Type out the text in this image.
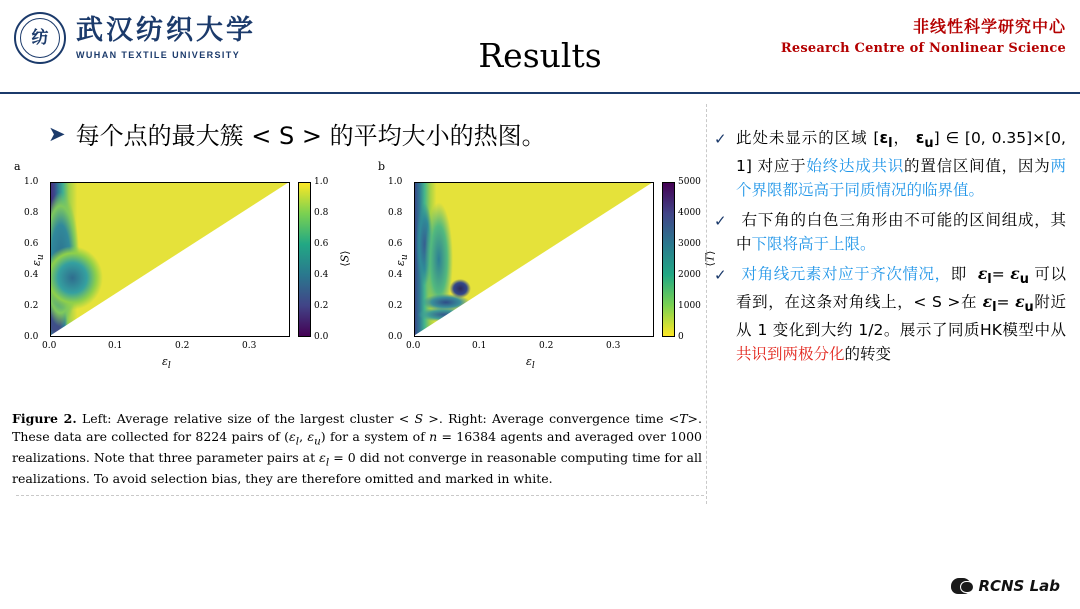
纺 武汉纺织大学
WUHAN TEXTILE UNIVERSITY	Results
非线性科学研究中心
Research Centre of Nonlinear Science
➤ 每个点的最大簇 < S > 的平均大小的热图。
a
1.0
0.8
0.6
0.4
0.2
0.0
0.0	0.1	0.2	0.3
$\varepsilon_u$
$\varepsilon_l$
1.0
0.8
0.6
0.4
0.2
0.0
⟨S⟩
b
1.0
0.8
0.6
0.4
0.2
0.0
0.0	0.1	0.2	0.3
$\varepsilon_u$
$\varepsilon_l$
5000
4000
3000
2000
1000
0
⟨T⟩
Figure 2. Left: Average relative size of the largest cluster < S >. Right: Average convergence time <T>. These data are collected for 8224 pairs of ($\varepsilon_l$, $\varepsilon_u$) for a system of n = 16384 agents and averaged over 1000 realizations. Note that three parameter pairs at $\varepsilon_l = 0$ did not converge in reasonable computing time for all realizations. To avoid selection bias, they are therefore omitted and marked in white.
✓ 此处未显示的区域 [$\varepsilon_l$， $\varepsilon_u$] ∈ [0, 0.35]×[0, 1] 对应于始终达成共识的置信区间值，因为两个界限都远高于同质情况的临界值。
✓ 右下角的白色三角形由不可能的区间组成，其中下限将高于上限。
✓ 对角线元素对应于齐次情况，即  $\varepsilon_l= \varepsilon_u$ 可以看到，在这条对角线上，< S >在 $\varepsilon_l= \varepsilon_u$附近从 1 变化到大约 1/2。展示了同质HK模型中从共识到两极分化的转变
RCNS Lab
